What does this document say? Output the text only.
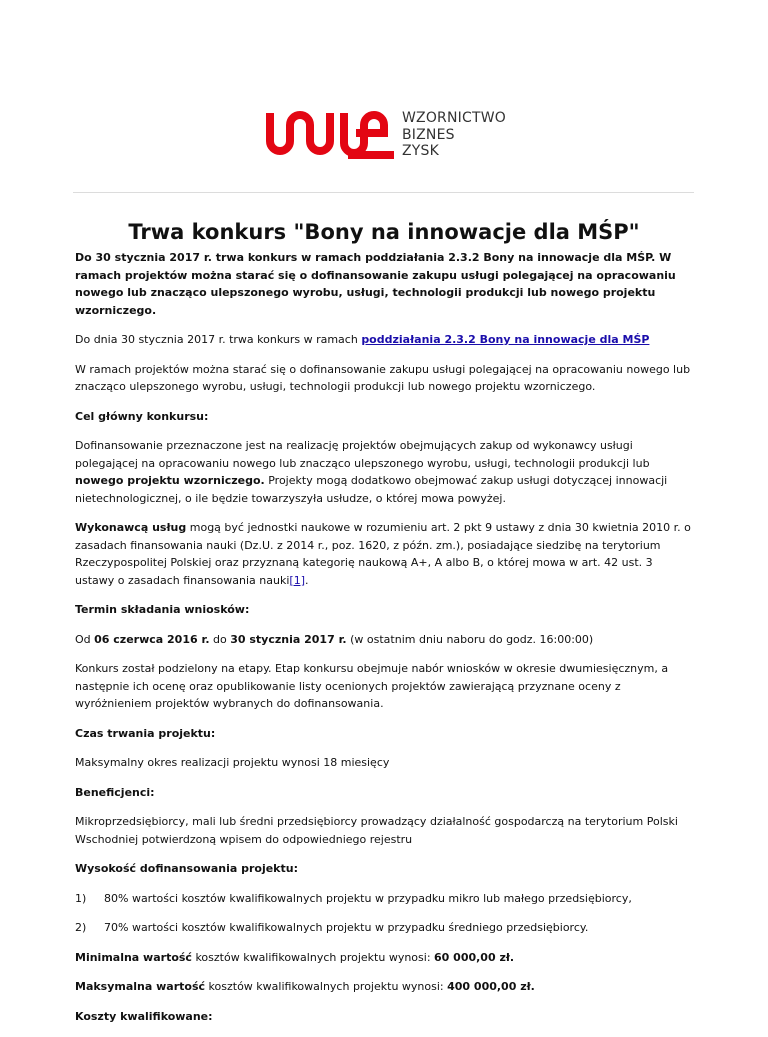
WZORNICTWO
BIZNES
ZYSK
Trwa konkurs "Bony na innowacje dla MŚP"

Do 30 stycznia 2017 r. trwa konkurs w ramach poddziałania 2.3.2 Bony na innowacje dla MŚP. W ramach projektów można starać się o dofinansowanie zakupu usługi polegającej na opracowaniu nowego lub znacząco ulepszonego wyrobu, usługi, technologii produkcji lub nowego projektu wzorniczego.

Do dnia 30 stycznia 2017 r. trwa konkurs w ramach poddziałania 2.3.2 Bony na innowacje dla MŚP

W ramach projektów można starać się o dofinansowanie zakupu usługi polegającej na opracowaniu nowego lub znacząco ulepszonego wyrobu, usługi, technologii produkcji lub nowego projektu wzorniczego.

Cel główny konkursu:

Dofinansowanie przeznaczone jest na realizację projektów obejmujących zakup od wykonawcy usługi polegającej na opracowaniu nowego lub znacząco ulepszonego wyrobu, usługi, technologii produkcji lub nowego projektu wzorniczego. Projekty mogą dodatkowo obejmować zakup usługi dotyczącej innowacji nietechnologicznej, o ile będzie towarzyszyła usłudze, o której mowa powyżej.

Wykonawcą usług mogą być jednostki naukowe w rozumieniu art. 2 pkt 9 ustawy z dnia 30 kwietnia 2010 r. o zasadach finansowania nauki (Dz.U. z 2014 r., poz. 1620, z późn. zm.), posiadające siedzibę na terytorium Rzeczypospolitej Polskiej oraz przyznaną kategorię naukową A+, A albo B, o której mowa w art. 42 ust. 3 ustawy o zasadach finansowania nauki[1].

Termin składania wniosków:

Od 06 czerwca 2016 r. do 30 stycznia 2017 r. (w ostatnim dniu naboru do godz. 16:00:00)

Konkurs został podzielony na etapy. Etap konkursu obejmuje nabór wniosków w okresie dwumiesięcznym, a następnie ich ocenę oraz opublikowanie listy ocenionych projektów zawierającą przyznane oceny z wyróżnieniem projektów wybranych do dofinansowania.

Czas trwania projektu:

Maksymalny okres realizacji projektu wynosi 18 miesięcy

Beneficjenci:

Mikroprzedsiębiorcy, mali lub średni przedsiębiorcy prowadzący działalność gospodarczą na terytorium Polski Wschodniej potwierdzoną wpisem do odpowiedniego rejestru

Wysokość dofinansowania projektu:

1)	80% wartości kosztów kwalifikowalnych projektu w przypadku mikro lub małego przedsiębiorcy,
2)	70% wartości kosztów kwalifikowalnych projektu w przypadku średniego przedsiębiorcy.

Minimalna wartość kosztów kwalifikowalnych projektu wynosi: 60 000,00 zł.

Maksymalna wartość kosztów kwalifikowalnych projektu wynosi: 400 000,00 zł.

Koszty kwalifikowane:
